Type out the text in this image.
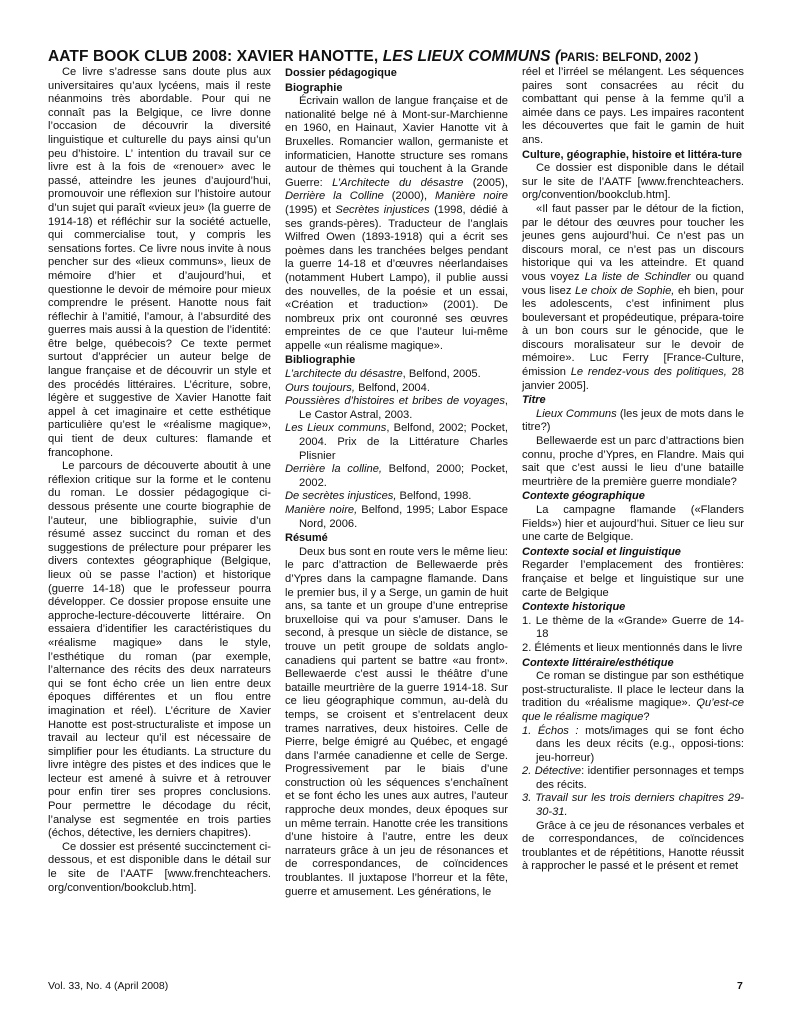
AATF BOOK CLUB 2008: XAVIER HANOTTE, LES LIEUX COMMUNS (PARIS: BELFOND, 2002 )

Ce livre s’adresse sans doute plus aux universitaires qu’aux lycéens, mais il reste néanmoins très abordable. Pour qui ne connaît pas la Belgique, ce livre donne l’occasion de découvrir la diversité linguistique et culturelle du pays ainsi qu’un peu d’histoire. L’ intention du travail sur ce livre est à la fois de «renouer» avec le passé, atteindre les jeunes d’aujourd’hui, promouvoir une réflexion sur l’histoire autour d’un sujet qui paraît «vieux jeu» (la guerre de 1914-18) et réfléchir sur la société actuelle, qui commercialise tout, y compris les sensations fortes. Ce livre nous invite à nous pencher sur des «lieux communs», lieux de mémoire d’hier et d’aujourd’hui, et questionne le devoir de mémoire pour mieux comprendre le présent. Hanotte nous fait réflechir à l’amitié, l’amour, à l’absurdité des guerres mais aussi à la question de l’identité: être belge, québecois? Ce texte permet surtout d’apprécier un auteur belge de langue française et de découvrir un style et des procédés littéraires. L’écriture, sobre, légère et suggestive de Xavier Hanotte fait appel à cet imaginaire et cette esthétique particulière qu’est le «réalisme magique», qui tient de deux cultures: flamande et francophone.

Le parcours de découverte aboutit à une réflexion critique sur la forme et le contenu du roman. Le dossier pédagogique ci-dessous présente une courte biographie de l’auteur, une bibliographie, suivie d’un résumé assez succinct du roman et des suggestions de prélecture pour préparer les divers contextes géographique (Belgique, lieux où se passe l’action) et historique (guerre 14-18) que le professeur pourra développer. Ce dossier propose ensuite une approche-lecture-découverte littéraire. On essaiera d’identifier les caractéristiques du «réalisme magique» dans le style, l’esthétique du roman (par exemple, l’alternance des récits des deux narrateurs qui se font écho crée un lien entre deux époques différentes et un flou entre imagination et réel). L’écriture de Xavier Hanotte est post-structuraliste et impose un travail au lecteur qu’il est nécessaire de simplifier pour les étudiants. La structure du livre intègre des pistes et des indices que le lecteur est amené à suivre et à retrouver pour enfin tirer ses propres conclusions. Pour permettre le décodage du récit, l’analyse est segmentée en trois parties (échos, détective, les derniers chapitres).

Ce dossier est présenté succinctement ci-dessous, et est disponible dans le détail sur le site de l’AATF [www.frenchteachers. org/convention/bookclub.htm].

Dossier pédagogique

Biographie

Écrivain wallon de langue française et de nationalité belge né à Mont-sur-Marchienne en 1960, en Hainaut, Xavier Hanotte vit à Bruxelles. Romancier wallon, germaniste et informaticien, Hanotte structure ses romans autour de thèmes qui touchent à la Grande Guerre: L’Architecte du désastre (2005), Derrière la Colline (2000), Manière noire (1995) et Secrètes injustices (1998, dédié à ses grands-pères). Traducteur de l’anglais Wilfred Owen (1893-1918) qui a écrit ses poèmes dans les tranchées belges pendant la guerre 14-18 et d’œuvres néerlandaises (notamment Hubert Lampo), il publie aussi des nouvelles, de la poésie et un essai, «Création et traduction» (2001). De nombreux prix ont couronné ses œuvres empreintes de ce que l’auteur lui-même appelle «un réalisme magique».

Bibliographie

L’architecte du désastre, Belfond, 2005.

Ours toujours, Belfond, 2004.

Poussières d’histoires et bribes de voyages, Le Castor Astral, 2003.

Les Lieux communs, Belfond, 2002; Pocket, 2004. Prix de la Littérature Charles Plisnier

Derrière la colline, Belfond, 2000; Pocket, 2002.

De secrètes injustices, Belfond, 1998.

Manière noire, Belfond, 1995; Labor Espace Nord, 2006.

Résumé

Deux bus sont en route vers le même lieu: le parc d’attraction de Bellewaerde près d’Ypres dans la campagne flamande. Dans le premier bus, il y a Serge, un gamin de huit ans, sa tante et un groupe d’une entreprise bruxelloise qui va pour s’amuser. Dans le second, à presque un siècle de distance, se trouve un petit groupe de soldats anglo-canadiens qui partent se battre «au front». Bellewaerde c’est aussi le théâtre d’une bataille meurtrière de la guerre 1914-18. Sur ce lieu géographique commun, au-delà du temps, se croisent et s’entrelacent deux trames narratives, deux histoires. Celle de Pierre, belge émigré au Québec, et engagé dans l’armée canadienne et celle de Serge. Progressivement par le biais d’une construction où les séquences s’enchaînent et se font écho les unes aux autres, l’auteur rapproche deux mondes, deux époques sur un même terrain. Hanotte crée les transitions d’une histoire à l’autre, entre les deux narrateurs grâce à un jeu de résonances et de correspondances, de coïncidences troublantes. Il juxtapose l’horreur et la fête, guerre et amusement. Les générations, le

réel et l’irréel se mélangent. Les séquences paires sont consacrées au récit du combattant qui pense à la femme qu’il a aimée dans ce pays. Les impaires racontent les découvertes que fait le gamin de huit ans.

Culture, géographie, histoire et littéra-ture

Ce dossier est disponible dans le détail sur le site de l’AATF [www.frenchteachers. org/convention/bookclub.htm].

«Il faut passer par le détour de la fiction, par le détour des œuvres pour toucher les jeunes gens aujourd’hui. Ce n’est pas un discours moral, ce n’est pas un discours historique qui va les atteindre. Et quand vous voyez La liste de Schindler ou quand vous lisez Le choix de Sophie, eh bien, pour les adolescents, c’est infiniment plus bouleversant et propédeutique, prépara-toire à un bon cours sur le génocide, que le discours moralisateur sur le devoir de mémoire». Luc Ferry [France-Culture, émission Le rendez-vous des politiques, 28 janvier 2005].

Titre

Lieux Communs (les jeux de mots dans le titre?)

Bellewaerde est un parc d’attractions bien connu, proche d’Ypres, en Flandre. Mais qui sait que c’est aussi le lieu d’une bataille meurtrière de la première guerre mondiale?

Contexte géographique

La campagne flamande («Flanders Fields») hier et aujourd’hui. Situer ce lieu sur une carte de Belgique.

Contexte social et linguistique

Regarder l’emplacement des frontières: française et belge et linguistique sur une carte de Belgique

Contexte historique

1. Le thème de la «Grande» Guerre de 14-18

2. Éléments et lieux mentionnés dans le livre

Contexte littéraire/esthétique

Ce roman se distingue par son esthétique post-structuraliste. Il place le lecteur dans la tradition du «réalisme magique». Qu’est-ce que le réalisme magique?

1. Échos : mots/images qui se font écho dans les deux récits (e.g., opposi-tions: jeu-horreur)

2. Détective: identifier personnages et temps des récits.

3. Travail sur les trois derniers chapitres 29-30-31.

Grâce à ce jeu de résonances verbales et de correspondances, de coïncidences troublantes et de répétitions, Hanotte réussit à rapprocher le passé et le présent et remet

Vol. 33, No. 4 (April 2008)	7
